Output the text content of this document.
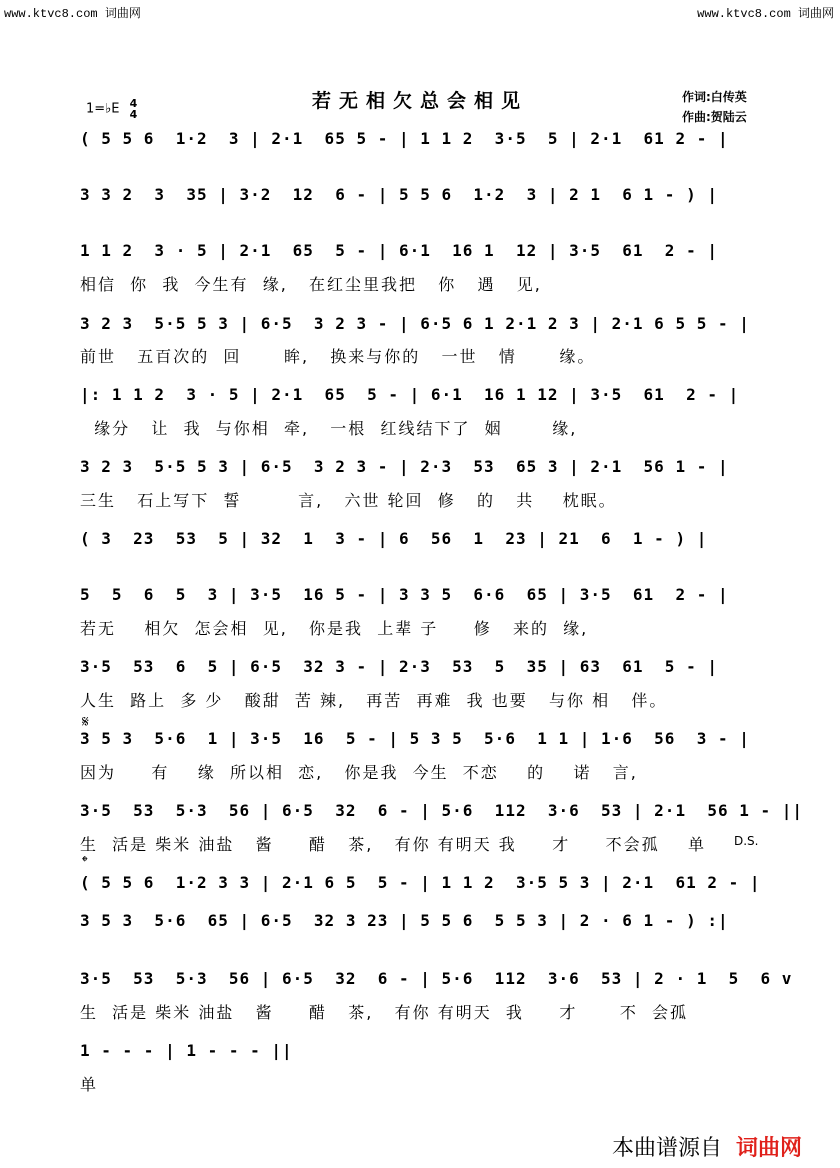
www.ktvc8.com 词曲网	www.ktvc8.com 词曲网
若无相欠总会相见	作词:白传英
作曲:贺陆云
1=♭E 4
4
( 5 5 6  1·2  3 | 2·1  65 5 - | 1 1 2  3·5  5 | 2·1  61 2 - |
3 3 2  3  35 | 3·2  12  6 - | 5 5 6  1·2  3 | 2 1  6 1 - ) |
1 1 2  3 · 5 | 2·1  65  5 - | 6·1  16 1  12 | 3·5  61  2 - |
相信  你  我  今生有  缘,   在红尘里我把   你   遇   见,
3 2 3  5·5 5 3 | 6·5  3 2 3 - | 6·5 6 1 2·1 2 3 | 2·1 6 5 5 - |
前世   五百次的  回      眸,   换来与你的   一世   情      缘。
|: 1 1 2  3 · 5 | 2·1  65  5 - | 6·1  16 1 12 | 3·5  61  2 - |
缘分   让  我  与你相  牵,   一根  红线结下了  姻       缘,
3 2 3  5·5 5 3 | 6·5  3 2 3 - | 2·3  53  65 3 | 2·1  56 1 - |
三生   石上写下  誓        言,   六世 轮回  修   的   共    枕眠。
( 3  23  53  5 | 32  1  3 - | 6  56  1  23 | 21  6  1 - ) |
5  5  6  5  3 | 3·5  16 5 - | 3 3 5  6·6  65 | 3·5  61  2 - |
若无    相欠  怎会相  见,   你是我  上辈 子     修   来的  缘,
3·5  53  6  5 | 6·5  32 3 - | 2·3  53  5  35 | 63  61  5 - |
人生  路上  多 少   酸甜  苦 辣,   再苦  再难  我 也要   与你 相   伴。
𝄋
3 5 3  5·6  1 | 3·5  16  5 - | 5 3 5  5·6  1 1 | 1·6  56  3 - |
因为     有    缘  所以相  恋,   你是我  今生  不恋    的    诺   言,
3·5  53  5·3  56 | 6·5  32  6 - | 5·6  112  3·6  53 | 2·1  56 1 - ||
生  活是 柴米 油盐   酱     醋   茶,   有你 有明天 我     才     不会孤    单	D.S.
𝄌
( 5 5 6  1·2 3 3 | 2·1 6 5  5 - | 1 1 2  3·5 5 3 | 2·1  61 2 - |
3 5 3  5·6  65 | 6·5  32 3 23 | 5 5 6  5 5 3 | 2 · 6 1 - ) :|
3·5  53  5·3  56 | 6·5  32  6 - | 5·6  112  3·6  53 | 2 · 1  5  6 v
生  活是 柴米 油盐   酱     醋   茶,   有你 有明天  我     才      不  会孤
1 - - - | 1 - - - ||
单
本曲谱源自 词曲网
